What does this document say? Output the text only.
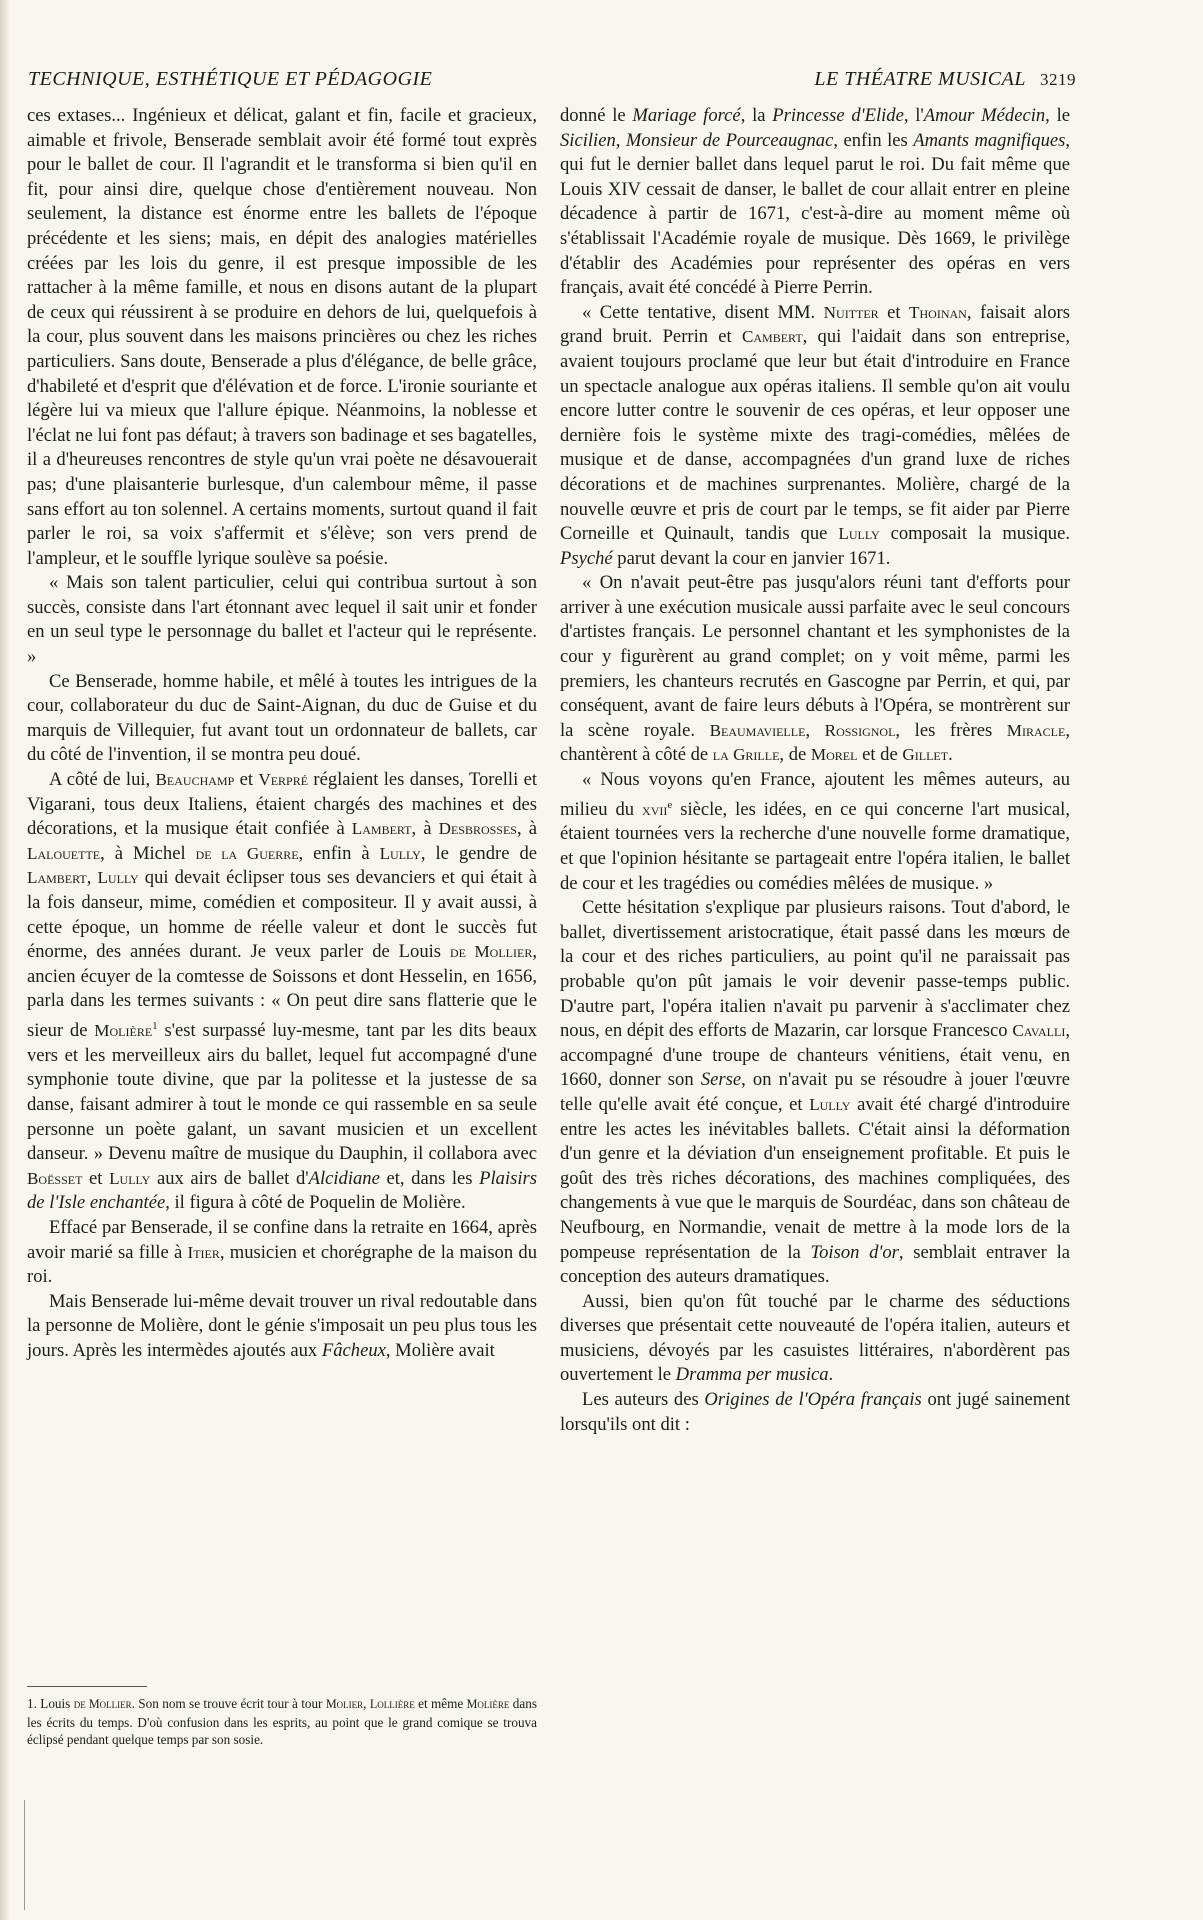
TECHNIQUE, ESTHÉTIQUE ET PÉDAGOGIE	LE THÉATRE MUSICAL 3219

ces extases... Ingénieux et délicat, galant et fin, facile et gracieux, aimable et frivole, Benserade semblait avoir été formé tout exprès pour le ballet de cour. Il l'agrandit et le transforma si bien qu'il en fit, pour ainsi dire, quelque chose d'entièrement nouveau. Non seulement, la distance est énorme entre les ballets de l'époque précédente et les siens; mais, en dépit des analogies matérielles créées par les lois du genre, il est presque impossible de les rattacher à la même famille, et nous en disons autant de la plupart de ceux qui réussirent à se produire en dehors de lui, quelquefois à la cour, plus souvent dans les maisons princières ou chez les riches particuliers. Sans doute, Benserade a plus d'élégance, de belle grâce, d'habileté et d'esprit que d'élévation et de force. L'ironie souriante et légère lui va mieux que l'allure épique. Néanmoins, la noblesse et l'éclat ne lui font pas défaut; à travers son badinage et ses bagatelles, il a d'heureuses rencontres de style qu'un vrai poète ne désavouerait pas; d'une plaisanterie burlesque, d'un calembour même, il passe sans effort au ton solennel. A certains moments, surtout quand il fait parler le roi, sa voix s'affermit et s'élève; son vers prend de l'ampleur, et le souffle lyrique soulève sa poésie.

« Mais son talent particulier, celui qui contribua surtout à son succès, consiste dans l'art étonnant avec lequel il sait unir et fonder en un seul type le personnage du ballet et l'acteur qui le représente. »

Ce Benserade, homme habile, et mêlé à toutes les intrigues de la cour, collaborateur du duc de Saint-Aignan, du duc de Guise et du marquis de Villequier, fut avant tout un ordonnateur de ballets, car du côté de l'invention, il se montra peu doué.

A côté de lui, Beauchamp et Verpré réglaient les danses, Torelli et Vigarani, tous deux Italiens, étaient chargés des machines et des décorations, et la musique était confiée à Lambert, à Desbrosses, à Lalouette, à Michel de la Guerre, enfin à Lully, le gendre de Lambert, Lully qui devait éclipser tous ses devanciers et qui était à la fois danseur, mime, comédien et compositeur. Il y avait aussi, à cette époque, un homme de réelle valeur et dont le succès fut énorme, des années durant. Je veux parler de Louis de Mollier, ancien écuyer de la comtesse de Soissons et dont Hesselin, en 1656, parla dans les termes suivants : « On peut dire sans flatterie que le sieur de Molière$^1$ s'est surpassé luy-mesme, tant par les dits beaux vers et les merveilleux airs du ballet, lequel fut accompagné d'une symphonie toute divine, que par la politesse et la justesse de sa danse, faisant admirer à tout le monde ce qui rassemble en sa seule personne un poète galant, un savant musicien et un excellent danseur. » Devenu maître de musique du Dauphin, il collabora avec Boësset et Lully aux airs de ballet d'Alcidiane et, dans les Plaisirs de l'Isle enchantée, il figura à côté de Poquelin de Molière.

Effacé par Benserade, il se confine dans la retraite en 1664, après avoir marié sa fille à Itier, musicien et chorégraphe de la maison du roi.

Mais Benserade lui-même devait trouver un rival redoutable dans la personne de Molière, dont le génie s'imposait un peu plus tous les jours. Après les intermèdes ajoutés aux Fâcheux, Molière avait

1. Louis de Mollier. Son nom se trouve écrit tour à tour Molier, Lollière et même Molière dans les écrits du temps. D'où confusion dans les esprits, au point que le grand comique se trouva éclipsé pendant quelque temps par son sosie.

donné le Mariage forcé, la Princesse d'Elide, l'Amour Médecin, le Sicilien, Monsieur de Pourceaugnac, enfin les Amants magnifiques, qui fut le dernier ballet dans lequel parut le roi. Du fait même que Louis XIV cessait de danser, le ballet de cour allait entrer en pleine décadence à partir de 1671, c'est-à-dire au moment même où s'établissait l'Académie royale de musique. Dès 1669, le privilège d'établir des Académies pour représenter des opéras en vers français, avait été concédé à Pierre Perrin.

« Cette tentative, disent MM. Nuitter et Thoinan, faisait alors grand bruit. Perrin et Cambert, qui l'aidait dans son entreprise, avaient toujours proclamé que leur but était d'introduire en France un spectacle analogue aux opéras italiens. Il semble qu'on ait voulu encore lutter contre le souvenir de ces opéras, et leur opposer une dernière fois le système mixte des tragi-comédies, mêlées de musique et de danse, accompagnées d'un grand luxe de riches décorations et de machines surprenantes. Molière, chargé de la nouvelle œuvre et pris de court par le temps, se fit aider par Pierre Corneille et Quinault, tandis que Lully composait la musique. Psyché parut devant la cour en janvier 1671.

« On n'avait peut-être pas jusqu'alors réuni tant d'efforts pour arriver à une exécution musicale aussi parfaite avec le seul concours d'artistes français. Le personnel chantant et les symphonistes de la cour y figurèrent au grand complet; on y voit même, parmi les premiers, les chanteurs recrutés en Gascogne par Perrin, et qui, par conséquent, avant de faire leurs débuts à l'Opéra, se montrèrent sur la scène royale. Beaumavielle, Rossignol, les frères Miracle, chantèrent à côté de la Grille, de Morel et de Gillet.

« Nous voyons qu'en France, ajoutent les mêmes auteurs, au milieu du xvii$^e$ siècle, les idées, en ce qui concerne l'art musical, étaient tournées vers la recherche d'une nouvelle forme dramatique, et que l'opinion hésitante se partageait entre l'opéra italien, le ballet de cour et les tragédies ou comédies mêlées de musique. »

Cette hésitation s'explique par plusieurs raisons. Tout d'abord, le ballet, divertissement aristocratique, était passé dans les mœurs de la cour et des riches particuliers, au point qu'il ne paraissait pas probable qu'on pût jamais le voir devenir passe-temps public. D'autre part, l'opéra italien n'avait pu parvenir à s'acclimater chez nous, en dépit des efforts de Mazarin, car lorsque Francesco Cavalli, accompagné d'une troupe de chanteurs vénitiens, était venu, en 1660, donner son Serse, on n'avait pu se résoudre à jouer l'œuvre telle qu'elle avait été conçue, et Lully avait été chargé d'introduire entre les actes les inévitables ballets. C'était ainsi la déformation d'un genre et la déviation d'un enseignement profitable. Et puis le goût des très riches décorations, des machines compliquées, des changements à vue que le marquis de Sourdéac, dans son château de Neufbourg, en Normandie, venait de mettre à la mode lors de la pompeuse représentation de la Toison d'or, semblait entraver la conception des auteurs dramatiques.

Aussi, bien qu'on fût touché par le charme des séductions diverses que présentait cette nouveauté de l'opéra italien, auteurs et musiciens, dévoyés par les casuistes littéraires, n'abordèrent pas ouvertement le Dramma per musica.

Les auteurs des Origines de l'Opéra français ont jugé sainement lorsqu'ils ont dit :
